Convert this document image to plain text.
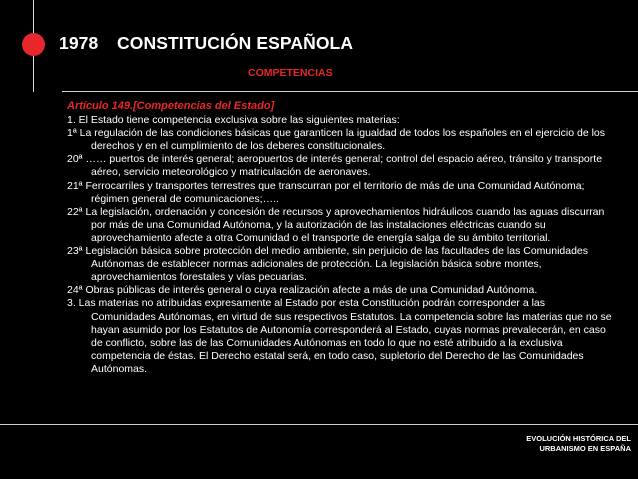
1978 CONSTITUCIÓN ESPAÑOLA
COMPETENCIAS
Artículo 149.[Competencias del Estado]

1. El Estado tiene competencia exclusiva sobre las siguientes materias:

1ª La regulación de las condiciones básicas que garanticen la igualdad de todos los españoles en el ejercicio de los derechos y en el cumplimiento de los deberes constitucionales.

20ª …… puertos de interés general; aeropuertos de interés general; control del espacio aéreo, tránsito y transporte aéreo, servicio meteorológico y matriculación de aeronaves.

21ª Ferrocarriles y transportes terrestres que transcurran por el territorio de más de una Comunidad Autónoma; régimen general de comunicaciones;…..

22ª La legislación, ordenación y concesión de recursos y aprovechamientos hidráulicos cuando las aguas discurran por más de una Comunidad Autónoma, y la autorización de las instalaciones eléctricas cuando su aprovechamiento afecte a otra Comunidad o el transporte de energía salga de su ámbito territorial.

23ª Legislación básica sobre protección del medio ambiente, sin perjuicio de las facultades de las Comunidades Autónomas de establecer normas adicionales de protección. La legislación básica sobre montes, aprovechamientos forestales y vías pecuarias.

24ª Obras públicas de interés general o cuya realización afecte a más de una Comunidad Autónoma.

3. Las materias no atribuidas expresamente al Estado por esta Constitución podrán corresponder a las Comunidades Autónomas, en virtud de sus respectivos Estatutos. La competencia sobre las materias que no se hayan asumido por los Estatutos de Autonomía corresponderá al Estado, cuyas normas prevalecerán, en caso de conflicto, sobre las de las Comunidades Autónomas en todo lo que no esté atribuido a la exclusiva competencia de éstas. El Derecho estatal será, en todo caso, supletorio del Derecho de las Comunidades Autónomas.

EVOLUCIÓN HISTÓRICA DEL
URBANISMO EN ESPAÑA
